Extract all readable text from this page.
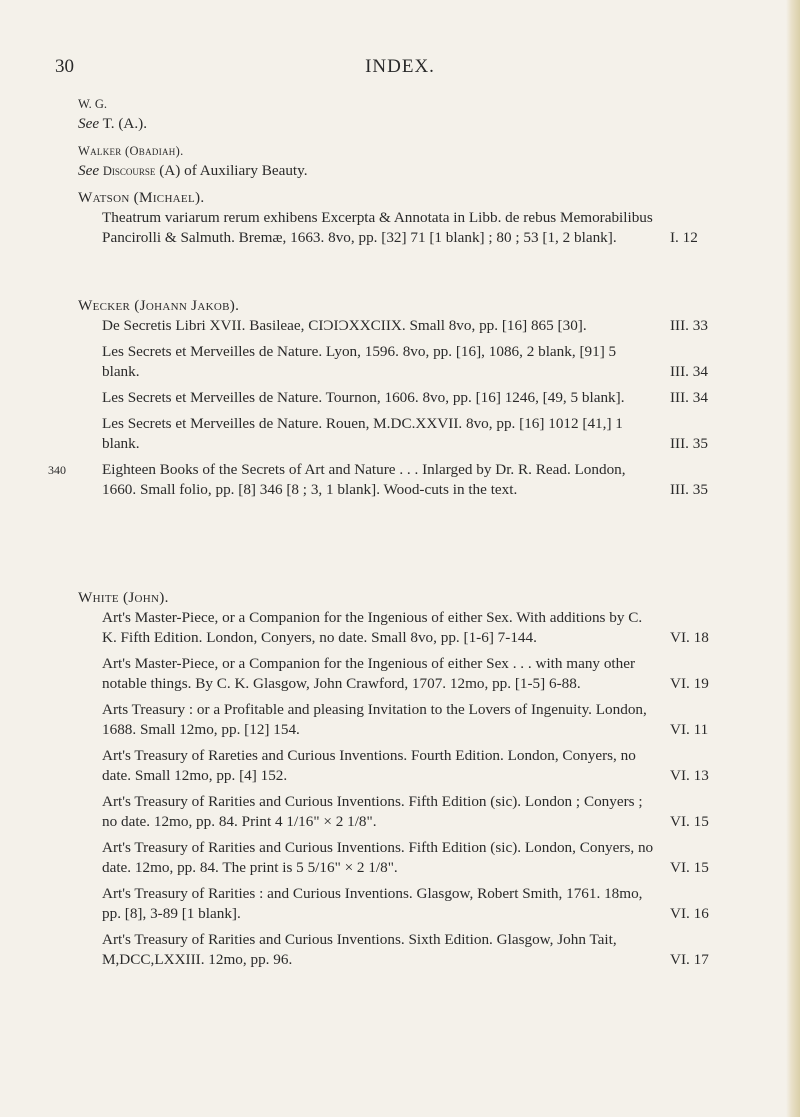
30	INDEX.
W. G.
See T. (A.).
Walker (Obadiah).
See Discourse (A) of Auxiliary Beauty.
Watson (Michael).
Theatrum variarum rerum exhibens Excerpta & Annotata in Libb. de rebus Memorabilibus Pancirolli & Salmuth. Bremæ, 1663. 8vo, pp. [32] 71 [1 blank] ; 80 ; 53 [1, 2 blank].	I. 12
Wecker (Johann Jakob).
De Secretis Libri XVII. Basileae, CIƆIƆXXCIIX. Small 8vo, pp. [16] 865 [30].	III. 33
Les Secrets et Merveilles de Nature. Lyon, 1596. 8vo, pp. [16], 1086, 2 blank, [91] 5 blank.	III. 34
Les Secrets et Merveilles de Nature. Tournon, 1606. 8vo, pp. [16] 1246, [49, 5 blank].	III. 34
Les Secrets et Merveilles de Nature. Rouen, M.DC.XXVII. 8vo, pp. [16] 1012 [41,] 1 blank.	III. 35
340 Eighteen Books of the Secrets of Art and Nature . . . Inlarged by Dr. R. Read. London, 1660. Small folio, pp. [8] 346 [8 ; 3, 1 blank]. Wood-cuts in the text.	III. 35
White (John).
Art's Master-Piece, or a Companion for the Ingenious of either Sex. With additions by C. K. Fifth Edition. London, Conyers, no date. Small 8vo, pp. [1-6] 7-144.	VI. 18
Art's Master-Piece, or a Companion for the Ingenious of either Sex . . . with many other notable things. By C. K. Glasgow, John Crawford, 1707. 12mo, pp. [1-5] 6-88.	VI. 19
Arts Treasury : or a Profitable and pleasing Invitation to the Lovers of Ingenuity. London, 1688. Small 12mo, pp. [12] 154.	VI. 11
Art's Treasury of Rareties and Curious Inventions. Fourth Edition. London, Conyers, no date. Small 12mo, pp. [4] 152.	VI. 13
Art's Treasury of Rarities and Curious Inventions. Fifth Edition (sic). London ; Conyers ; no date. 12mo, pp. 84. Print 4 1/16" × 2 1/8".	VI. 15
Art's Treasury of Rarities and Curious Inventions. Fifth Edition (sic). London, Conyers, no date. 12mo, pp. 84. The print is 5 5/16" × 2 1/8".	VI. 15
Art's Treasury of Rarities : and Curious Inventions. Glasgow, Robert Smith, 1761. 18mo, pp. [8], 3-89 [1 blank].	VI. 16
Art's Treasury of Rarities and Curious Inventions. Sixth Edition. Glasgow, John Tait, M,DCC,LXXIII. 12mo, pp. 96.	VI. 17
